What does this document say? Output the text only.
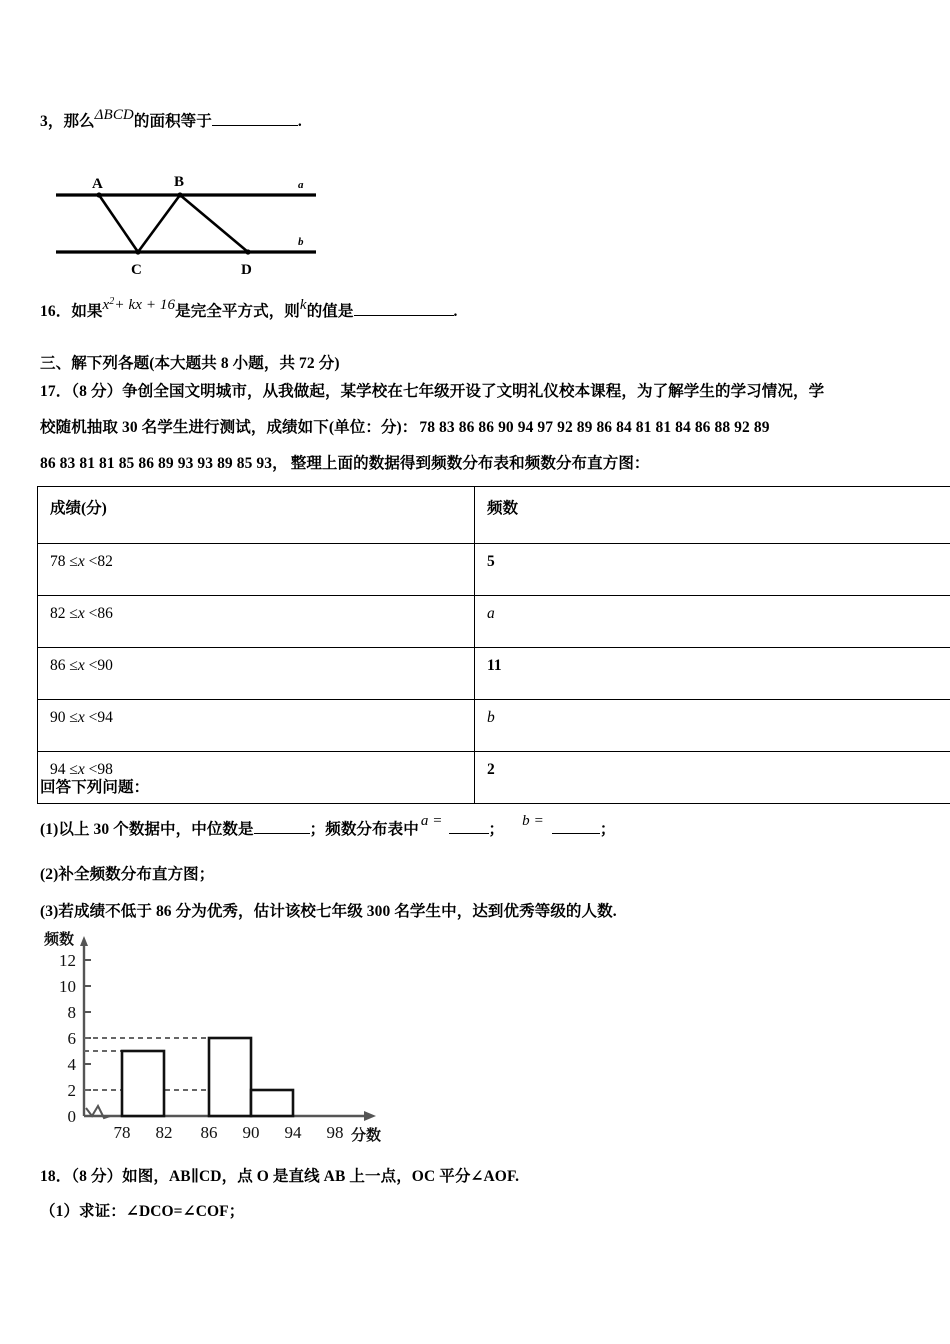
3，那么ΔBCD的面积等于	.
A	B
C	D
a
b
16．如果$x^2+$ kx + 16是完全平方式，则k的值是	.
三、解下列各题(本大题共 8 小题，共 72 分)
17．（8 分）争创全国文明城市，从我做起，某学校在七年级开设了文明礼仪校本课程，为了解学生的学习情况，学
校随机抽取 30 名学生进行测试，成绩如下(单位：分)： 78 83 86 86 90 94 97 92 89 86 84 81 81 84 86 88 92 89
86 83 81 81 85 86 89 93 93 89 85 93， 整理上面的数据得到频数分布表和频数分布直方图：
成绩(分)	频数
78 ≤x <82	5
82 ≤x <86	a
86 ≤x <90	11
90 ≤x <94	b
94 ≤x <98	2
回答下列问题：
(1)以上 30 个数据中，中位数是	；频数分布表中 a =	； b =	；
(2)补全频数分布直方图；
(3)若成绩不低于 86 分为优秀，估计该校七年级 300 名学生中，达到优秀等级的人数.
0
2
4
6
8
10
12
频数
78 82 86 90 94 98 分数
18．（8 分）如图，AB∥CD，点 O 是直线 AB 上一点，OC 平分∠AOF.
（1）求证：∠DCO=∠COF；
